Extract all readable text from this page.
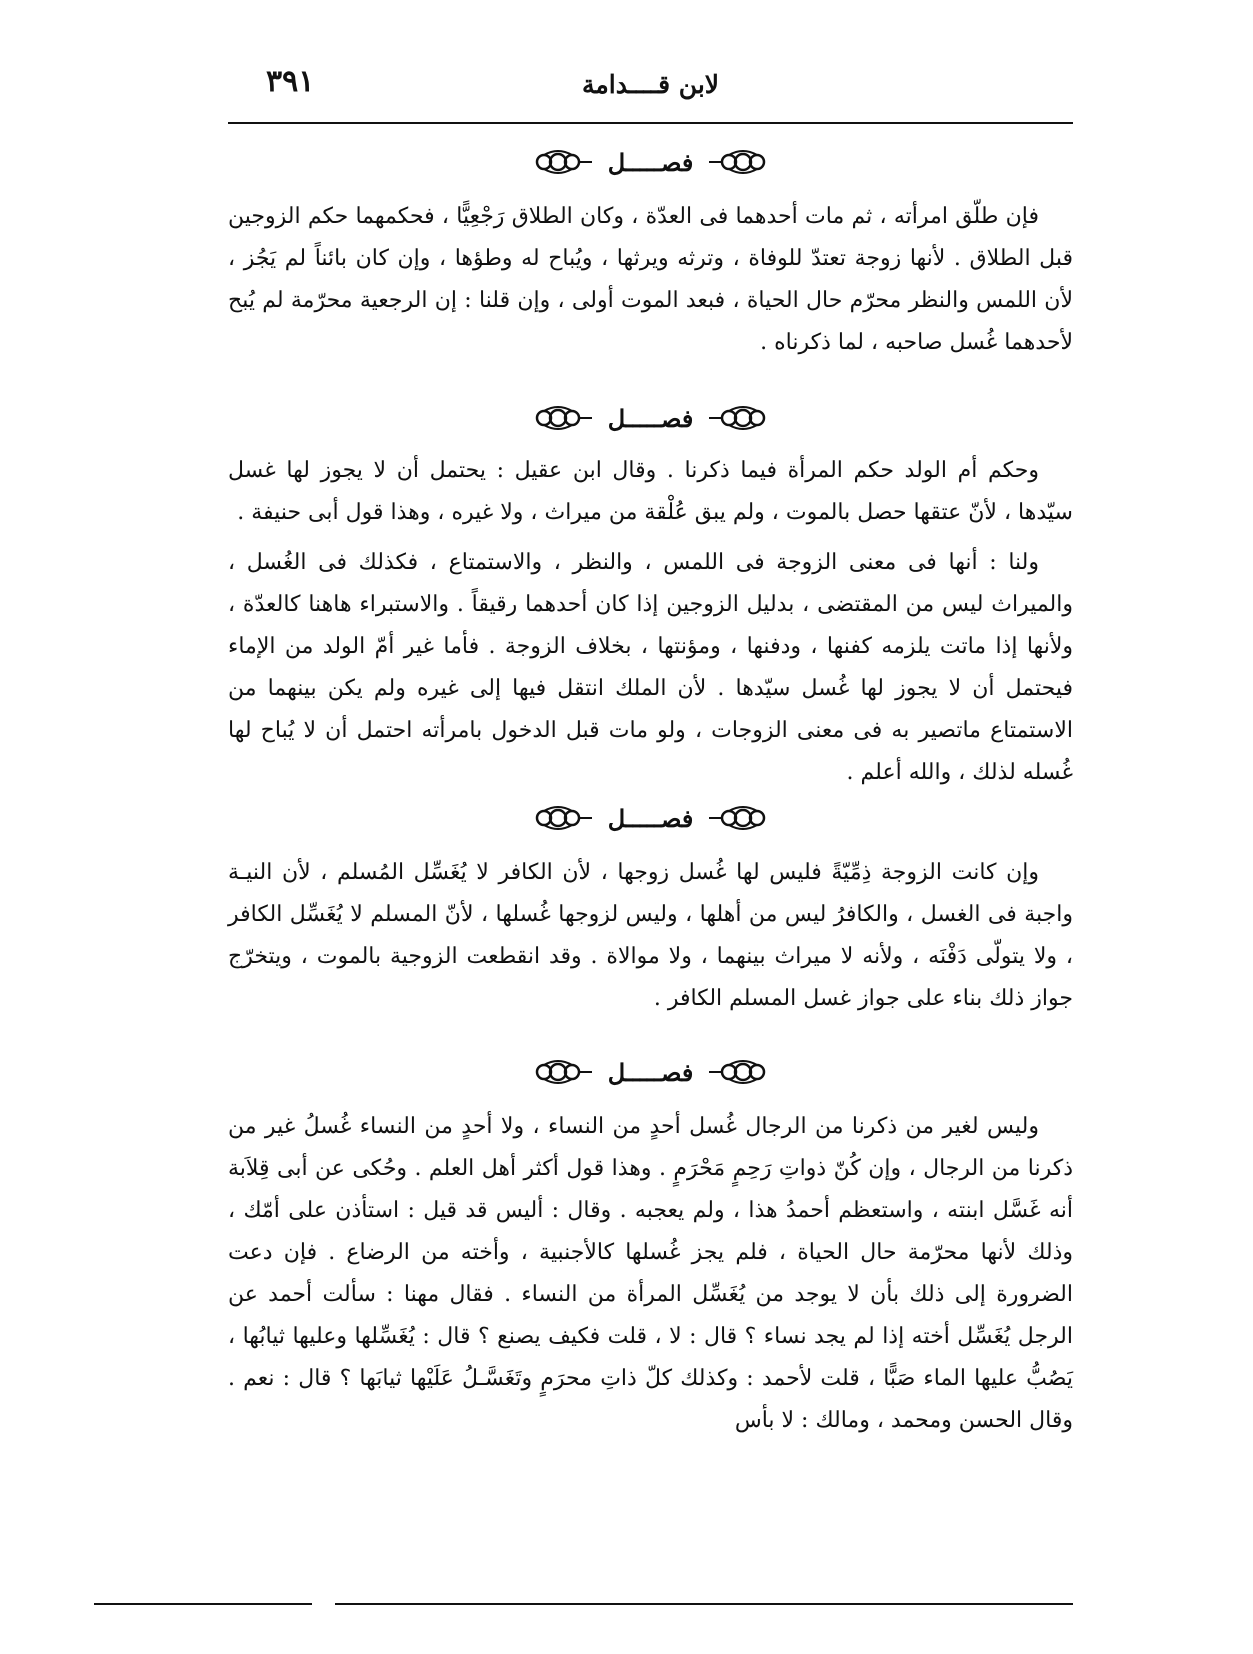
٣٩١	لابن قــــدامة
فصـــــل

فإن طلّق امرأته ، ثم مات أحدهما فى العدّة ، وكان الطلاق رَجْعِيًّا ، فحكمهما حكم الزوجين قبل الطلاق . لأنها زوجة تعتدّ للوفاة ، وترثه ويرثها ، ويُباح له وطؤها ، وإن كان بائناً لم يَجُز ، لأن اللمس والنظر محرّم حال الحياة ، فبعد الموت أولى ، وإن قلنا : إن الرجعية محرّمة لم يُبح لأحدهما غُسل صاحبه ، لما ذكرناه .

فصـــــل

وحكم أم الولد حكم المرأة فيما ذكرنا . وقال ابن عقيل : يحتمل أن لا يجوز لها غسل سيّدها ، لأنّ عتقها حصل بالموت ، ولم يبق عُلْقة من ميراث ، ولا غيره ، وهذا قول أبى حنيفة .

ولنا : أنها فى معنى الزوجة فى اللمس ، والنظر ، والاستمتاع ، فكذلك فى الغُسل ، والميراث ليس من المقتضى ، بدليل الزوجين إذا كان أحدهما رقيقاً . والاستبراء هاهنا كالعدّة ، ولأنها إذا ماتت يلزمه كفنها ، ودفنها ، ومؤنتها ، بخلاف الزوجة . فأما غير أمّ الولد من الإماء فيحتمل أن لا يجوز لها غُسل سيّدها . لأن الملك انتقل فيها إلى غيره ولم يكن بينهما من الاستمتاع ماتصير به فى معنى الزوجات ، ولو مات قبل الدخول بامرأته احتمل أن لا يُباح لها غُسله لذلك ، والله أعلم .

فصـــــل

وإن كانت الزوجة ذِمِّيّةً فليس لها غُسل زوجها ، لأن الكافر لا يُغَسِّل المُسلم ، لأن النيـة واجبة فى الغسل ، والكافرُ ليس من أهلها ، وليس لزوجها غُسلها ، لأنّ المسلم لا يُغَسِّل الكافر ، ولا يتولّى دَفْنَه ، ولأنه لا ميراث بينهما ، ولا موالاة . وقد انقطعت الزوجية بالموت ، ويتخرّج جواز ذلك بناء على جواز غسل المسلم الكافر .

فصـــــل

وليس لغير من ذكرنا من الرجال غُسل أحدٍ من النساء ، ولا أحدٍ من النساء غُسلُ غير من ذكرنا من الرجال ، وإن كُنّ ذواتِ رَحِمٍ مَحْرَمٍ . وهذا قول أكثر أهل العلم . وحُكى عن أبى قِلاَبة أنه غَسَّل ابنته ، واستعظم أحمدُ هذا ، ولم يعجبه . وقال : أليس قد قيل : استأذن على أمّك ، وذلك لأنها محرّمة حال الحياة ، فلم يجز غُسلها كالأجنبية ، وأخته من الرضاع . فإن دعت الضرورة إلى ذلك بأن لا يوجد من يُغَسِّل المرأة من النساء . فقال مهنا : سألت أحمد عن الرجل يُغَسِّل أخته إذا لم يجد نساء ؟ قال : لا ، قلت فكيف يصنع ؟ قال : يُغَسِّلها وعليها ثيابُها ، يَصُبُّ عليها الماء صَبًّا ، قلت لأحمد : وكذلك كلّ ذاتِ محرَمٍ وتَغَسَّـلُ عَلَيْها ثيابَها ؟ قال : نعم . وقال الحسن ومحمد ، ومالك : لا بأس
